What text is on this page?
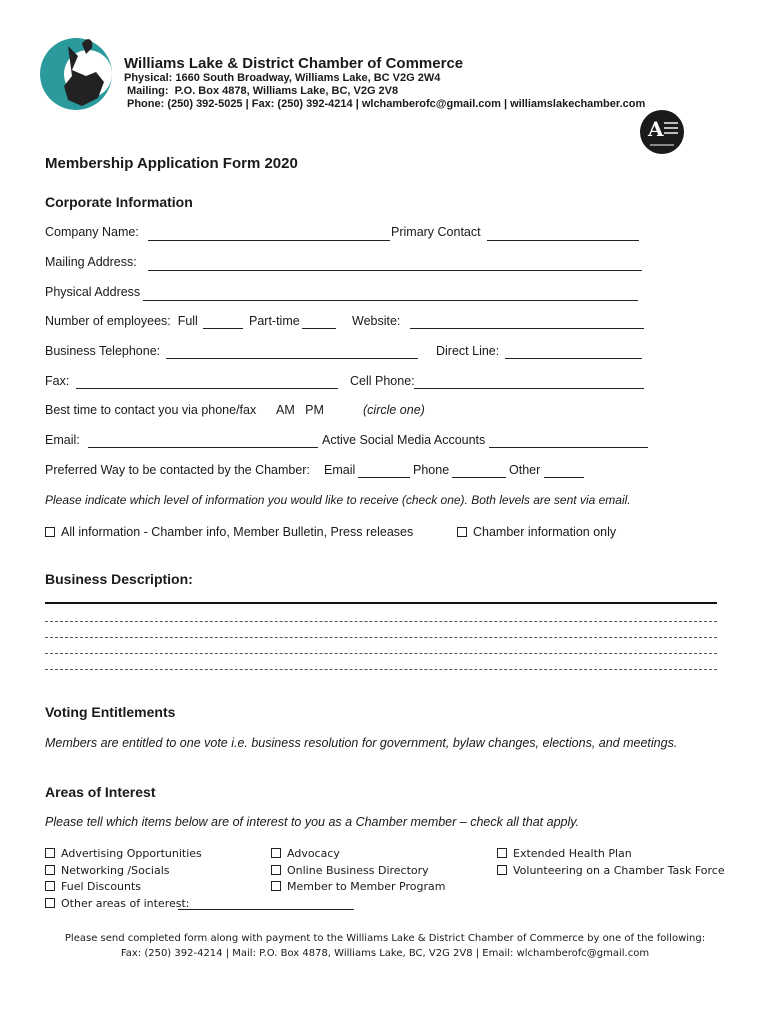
C
Williams Lake & District Chamber of Commerce
Physical: 1660 South Broadway, Williams Lake, BC V2G 2W4
Mailing:  P.O. Box 4878, Williams Lake, BC, V2G 2V8
Phone: (250) 392-5025 | Fax: (250) 392-4214 | wlchamberofc@gmail.com | williamslakechamber.com
A
Membership Application Form 2020
Corporate Information
Company Name:	Primary Contact
Mailing Address:
Physical Address
Number of employees:  Full	Part-time	Website:
Business Telephone:	Direct Line:
Fax:	Cell Phone:
Best time to contact you via phone/fax AM   PM	(circle one)
Email:	Active Social Media Accounts
Preferred Way to be contacted by the Chamber: Email	Phone	Other
Please indicate which level of information you would like to receive (check one). Both levels are sent via email.
All information - Chamber info, Member Bulletin, Press releases	Chamber information only
Business Description:
Voting Entitlements
Members are entitled to one vote i.e. business resolution for government, bylaw changes, elections, and meetings.
Areas of Interest
Please tell which items below are of interest to you as a Chamber member – check all that apply.
Advertising Opportunities
Networking /Socials
Fuel Discounts
Other areas of interest:
Advocacy
Online Business Directory
Member to Member Program
Extended Health Plan
Volunteering on a Chamber Task Force
Please send completed form along with payment to the Williams Lake & District Chamber of Commerce by one of the following:
Fax: (250) 392-4214 | Mail: P.O. Box 4878, Williams Lake, BC, V2G 2V8 | Email: wlchamberofc@gmail.com
